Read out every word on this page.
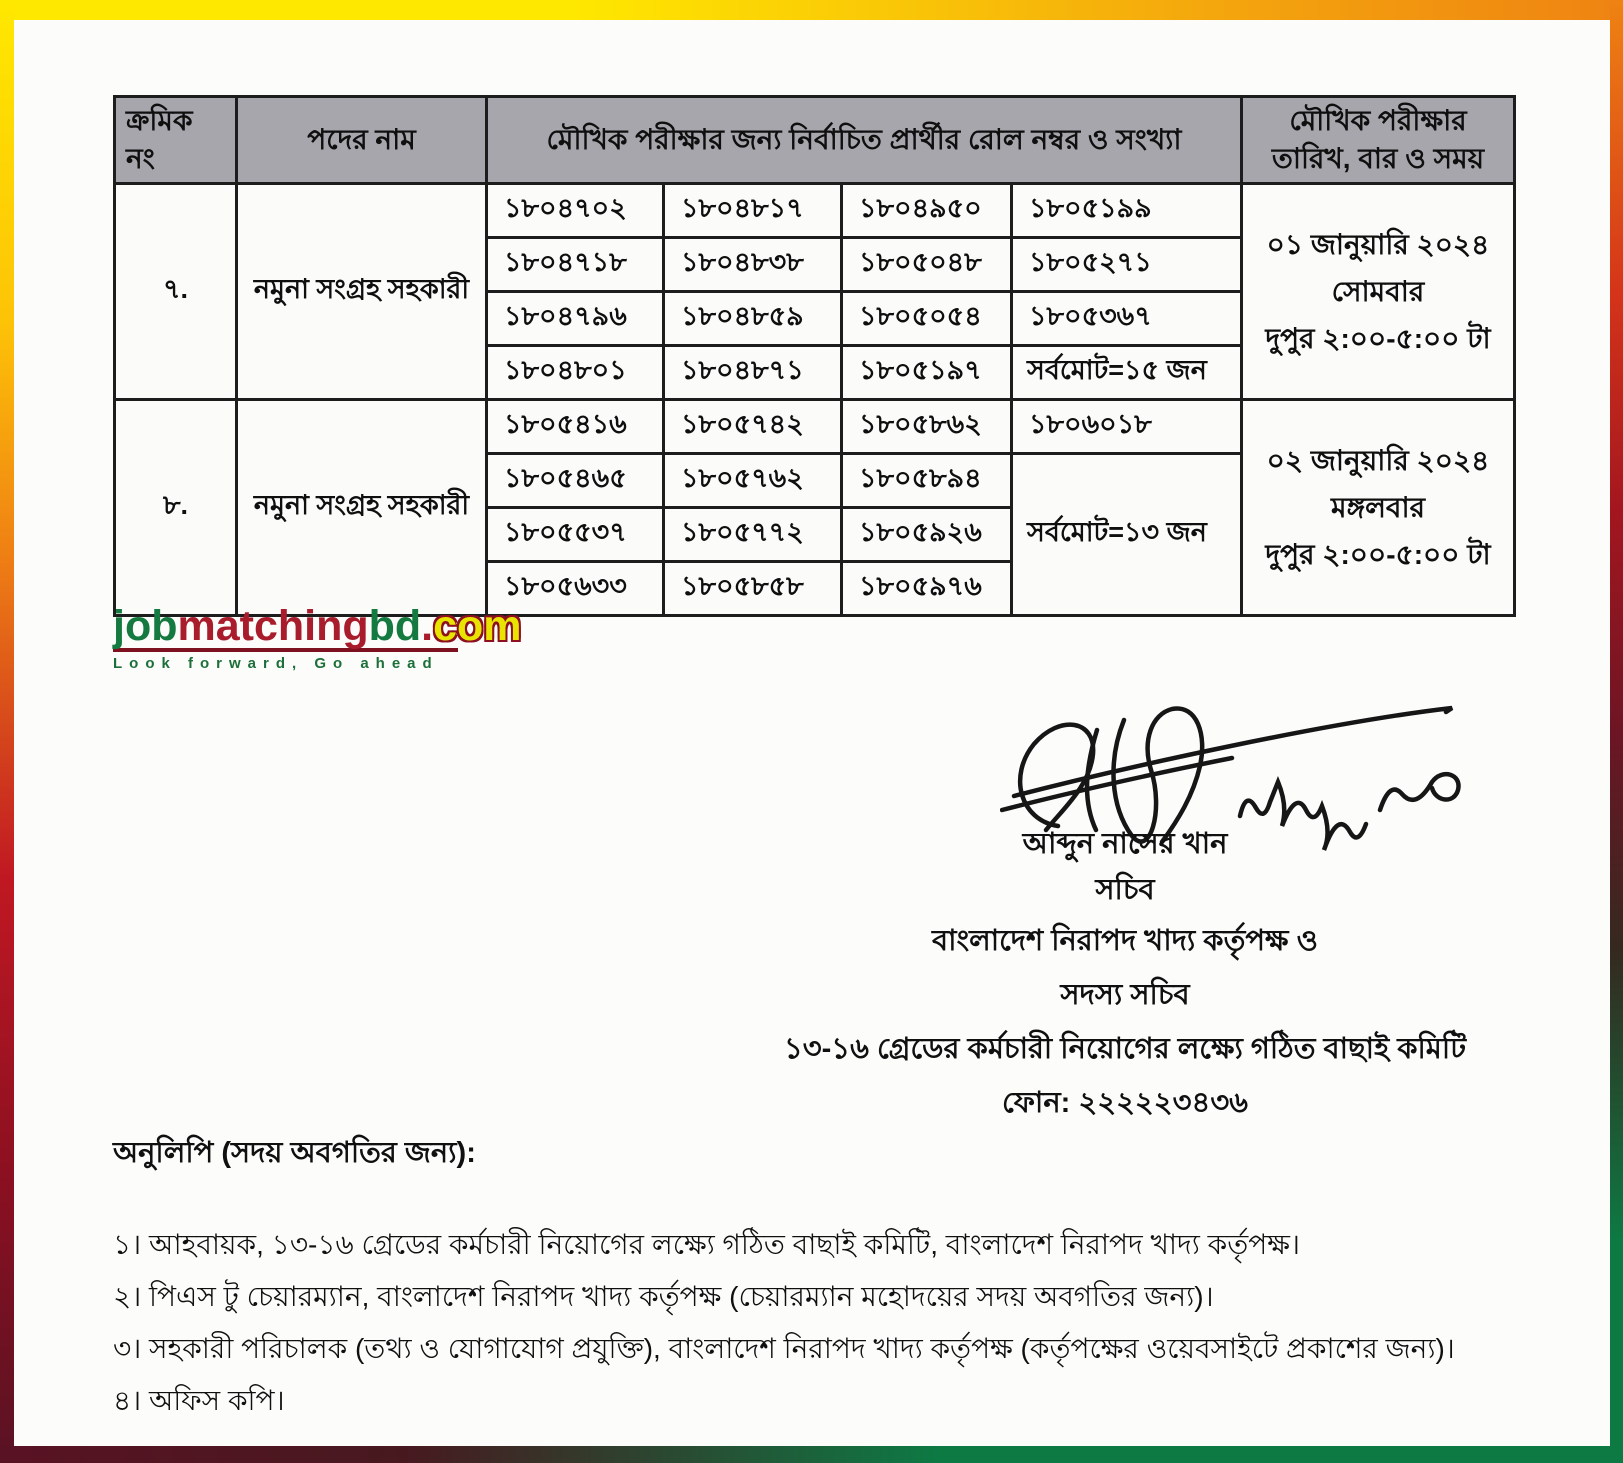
ক্রমিক নং	পদের নাম	মৌখিক পরীক্ষার জন্য নির্বাচিত প্রার্থীর রোল নম্বর ও সংখ্যা				মৌখিক পরীক্ষার তারিখ, বার ও সময়
৭.	নমুনা সংগ্রহ সহকারী	১৮০৪৭০২	১৮০৪৮১৭	১৮০৪৯৫০	১৮০৫১৯৯	০১ জানুয়ারি ২০২৪
সোমবার
দুপুর ২:০০-৫:০০ টা

		১৮০৪৭১৮	১৮০৪৮৩৮	১৮০৫০৪৮	১৮০৫২৭১	
		১৮০৪৭৯৬	১৮০৪৮৫৯	১৮০৫০৫৪	১৮০৫৩৬৭	
		১৮০৪৮০১	১৮০৪৮৭১	১৮০৫১৯৭	সর্বমোট=১৫ জন	
৮.	নমুনা সংগ্রহ সহকারী	১৮০৫৪১৬	১৮০৫৭৪২	১৮০৫৮৬২	১৮০৬০১৮	০২ জানুয়ারি ২০২৪
মঙ্গলবার
দুপুর ২:০০-৫:০০ টা

		১৮০৫৪৬৫	১৮০৫৭৬২	১৮০৫৮৯৪	সর্বমোট=১৩ জন	
		১৮০৫৫৩৭	১৮০৫৭৭২	১৮০৫৯২৬		
		১৮০৫৬৩৩	১৮০৫৮৫৮	১৮০৫৯৭৬		
jobmatchingbd.com
Look forward, Go ahead
আব্দুন নাসের খান
সচিব
বাংলাদেশ নিরাপদ খাদ্য কর্তৃপক্ষ ও
সদস্য সচিব
১৩-১৬ গ্রেডের কর্মচারী নিয়োগের লক্ষ্যে গঠিত বাছাই কমিটি
ফোন: ২২২২২৩৪৩৬
অনুলিপি (সদয় অবগতির জন্য):
১। আহবায়ক, ১৩-১৬ গ্রেডের কর্মচারী নিয়োগের লক্ষ্যে গঠিত বাছাই কমিটি, বাংলাদেশ নিরাপদ খাদ্য কর্তৃপক্ষ।
২। পিএস টু চেয়ারম্যান, বাংলাদেশ নিরাপদ খাদ্য কর্তৃপক্ষ (চেয়ারম্যান মহোদয়ের সদয় অবগতির জন্য)।
৩। সহকারী পরিচালক (তথ্য ও যোগাযোগ প্রযুক্তি), বাংলাদেশ নিরাপদ খাদ্য কর্তৃপক্ষ (কর্তৃপক্ষের ওয়েবসাইটে প্রকাশের জন্য)।
৪। অফিস কপি।
